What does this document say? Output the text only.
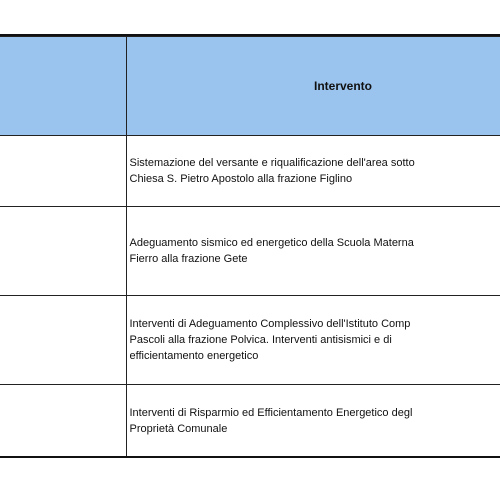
	Intervento

	Sistemazione del versante e riqualificazione dell'area sotto
Chiesa S. Pietro Apostolo alla frazione Figlino

	Adeguamento sismico ed energetico della Scuola Materna
Fierro alla frazione Gete

	Interventi di Adeguamento Complessivo dell'Istituto Comp
Pascoli alla frazione Polvica. Interventi antisismici e di
efficientamento energetico

	Interventi di Risparmio ed Efficientamento Energetico degl
Proprietà Comunale
